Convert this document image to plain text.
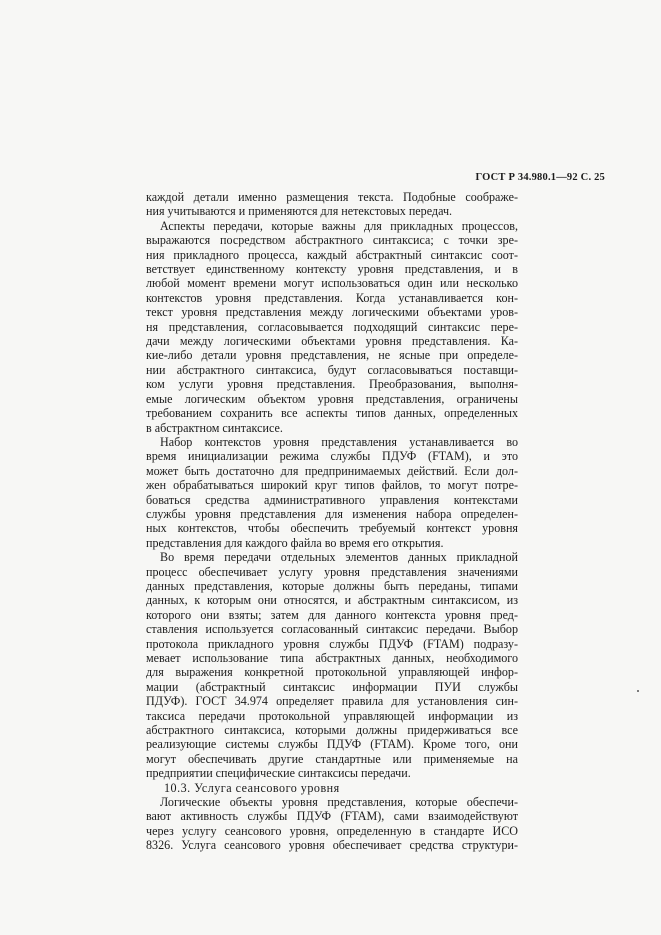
ГОСТ Р 34.980.1—92 С. 25
каждой детали именно размещения текста. Подобные соображе-
ния учитываются и применяются для нетекстовых передач.
Аспекты передачи, которые важны для прикладных процессов,
выражаются посредством абстрактного синтаксиса; с точки зре-
ния прикладного процесса, каждый абстрактный синтаксис соот-
ветствует единственному контексту уровня представления, и в
любой момент времени могут использоваться один или несколько
контекстов уровня представления. Когда устанавливается кон-
текст уровня представления между логическими объектами уров-
ня представления, согласовывается подходящий синтаксис пере-
дачи между логическими объектами уровня представления. Ка-
кие-либо детали уровня представления, не ясные при определе-
нии абстрактного синтаксиса, будут согласовываться поставщи-
ком услуги уровня представления. Преобразования, выполня-
емые логическим объектом уровня представления, ограничены
требованием сохранить все аспекты типов данных, определенных
в абстрактном синтаксисе.
Набор контекстов уровня представления устанавливается во
время инициализации режима службы ПДУФ (FTAM), и это
может быть достаточно для предпринимаемых действий. Если дол-
жен обрабатываться широкий круг типов файлов, то могут потре-
боваться средства административного управления контекстами
службы уровня представления для изменения набора определен-
ных контекстов, чтобы обеспечить требуемый контекст уровня
представления для каждого файла во время его открытия.
Во время передачи отдельных элементов данных прикладной
процесс обеспечивает услугу уровня представления значениями
данных представления, которые должны быть переданы, типами
данных, к которым они относятся, и абстрактным синтаксисом, из
которого они взяты; затем для данного контекста уровня пред-
ставления используется согласованный синтаксис передачи. Выбор
протокола прикладного уровня службы ПДУФ (FTAM) подразу-
мевает использование типа абстрактных данных, необходимого
для выражения конкретной протокольной управляющей инфор-
мации (абстрактный синтаксис информации ПУИ службы
ПДУФ). ГОСТ 34.974 определяет правила для установления син-
таксиса передачи протокольной управляющей информации из
абстрактного синтаксиса, которыми должны придерживаться все
реализующие системы службы ПДУФ (FTAM). Кроме того, они
могут обеспечивать другие стандартные или применяемые на
предприятии специфические синтаксисы передачи.
10.3. Услуга сеансового уровня
Логические объекты уровня представления, которые обеспечи-
вают активность службы ПДУФ (FTAM), сами взаимодействуют
через услугу сеансового уровня, определенную в стандарте ИСО
8326. Услуга сеансового уровня обеспечивает средства структури-
